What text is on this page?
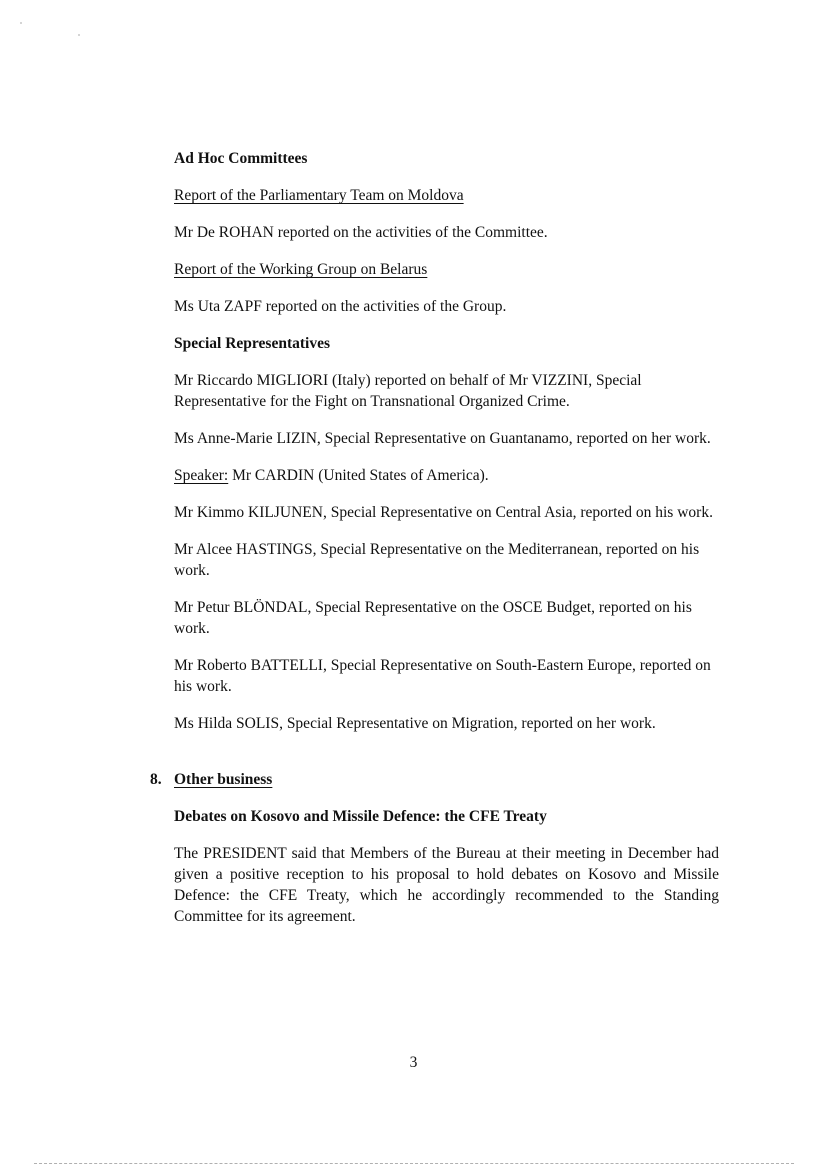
Ad Hoc Committees

Report of the Parliamentary Team on Moldova

Mr De ROHAN reported on the activities of the Committee.

Report of the Working Group on Belarus

Ms Uta ZAPF reported on the activities of the Group.

Special Representatives

Mr Riccardo MIGLIORI (Italy) reported on behalf of Mr VIZZINI, Special Representative for the Fight on Transnational Organized Crime.

Ms Anne-Marie LIZIN, Special Representative on Guantanamo, reported on her work.

Speaker: Mr CARDIN (United States of America).

Mr Kimmo KILJUNEN, Special Representative on Central Asia, reported on his work.

Mr Alcee HASTINGS, Special Representative on the Mediterranean, reported on his work.

Mr Petur BLÖNDAL, Special Representative on the OSCE Budget, reported on his work.

Mr Roberto BATTELLI, Special Representative on South-Eastern Europe, reported on his work.

Ms Hilda SOLIS, Special Representative on Migration, reported on her work.

8. Other business

Debates on Kosovo and Missile Defence: the CFE Treaty

The PRESIDENT said that Members of the Bureau at their meeting in December had given a positive reception to his proposal to hold debates on Kosovo and Missile Defence: the CFE Treaty, which he accordingly recommended to the Standing Committee for its agreement.

3
